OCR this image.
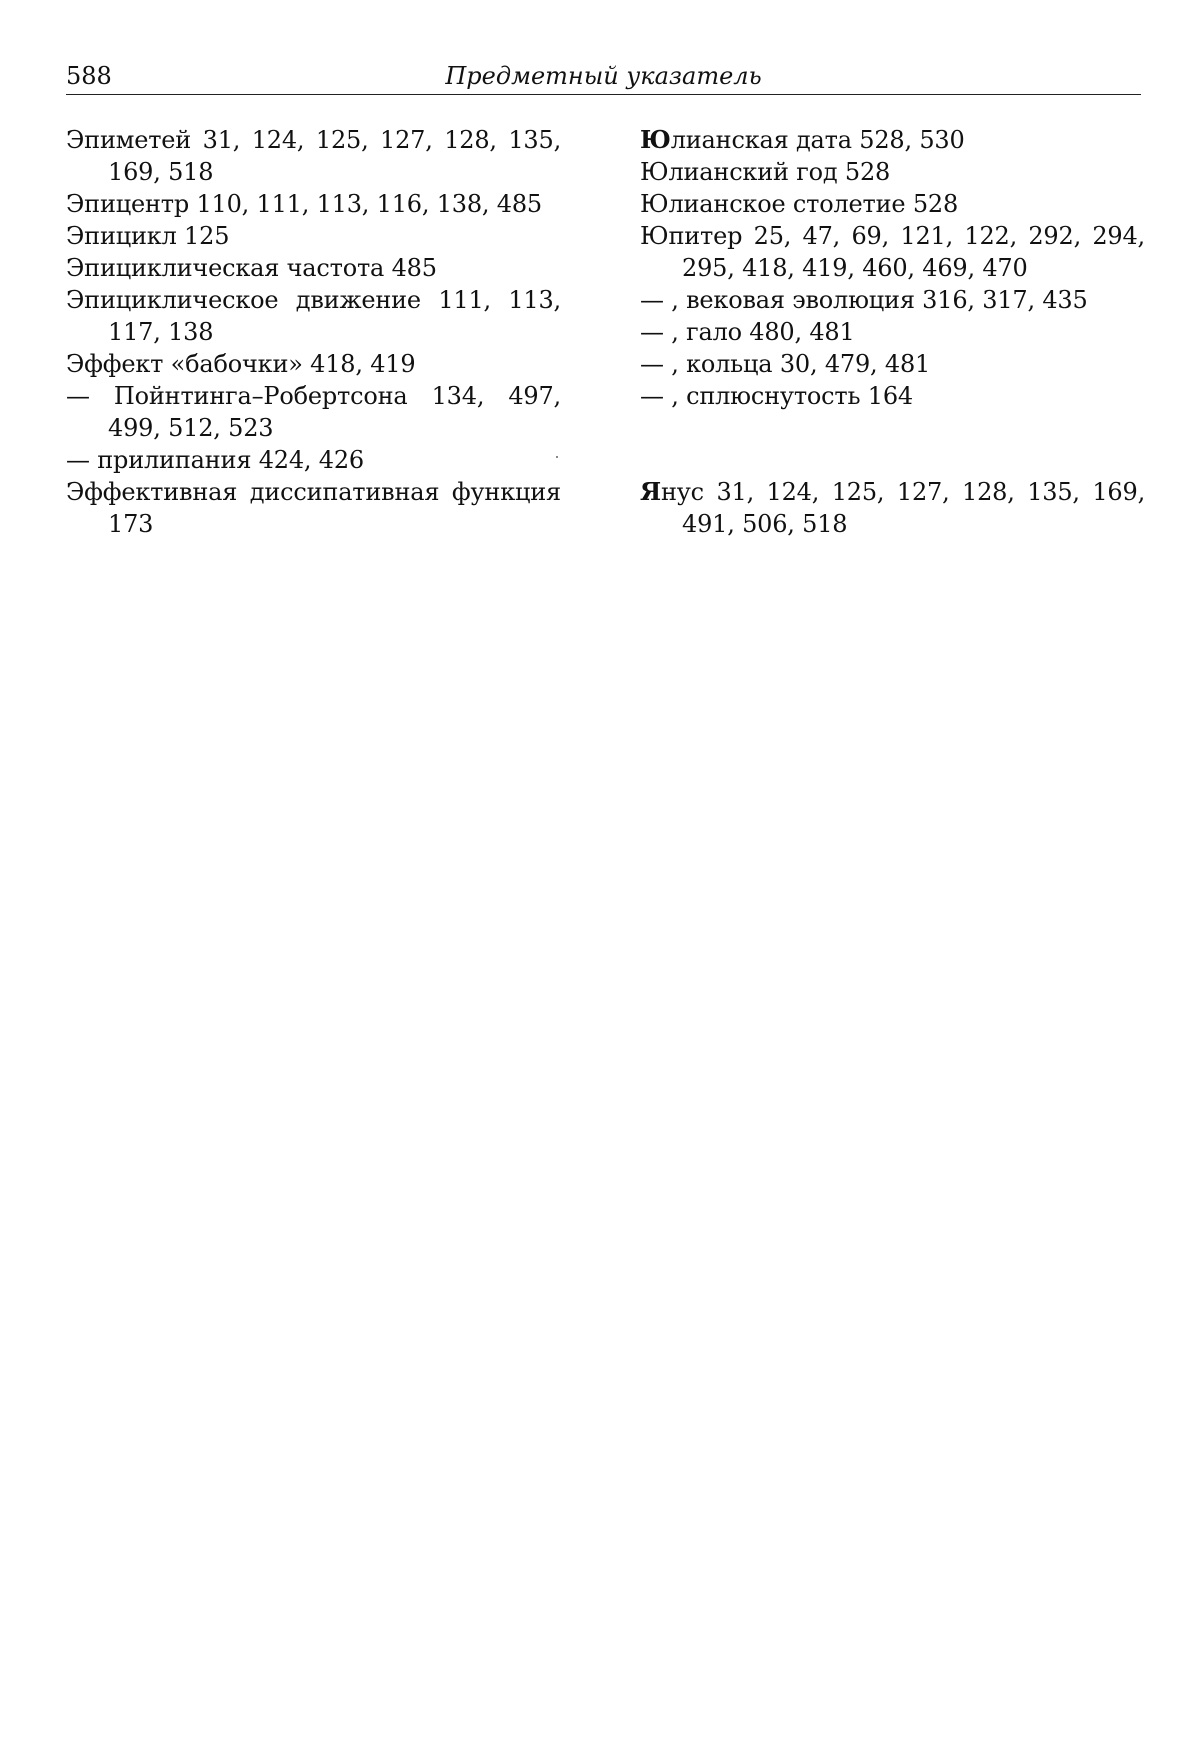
588	Предметный указатель
Эпиметей 31, 124, 125, 127, 128, 135, 169, 518
Эпицентр 110, 111, 113, 116, 138, 485
Эпицикл 125
Эпициклическая частота 485
Эпициклическое движение 111, 113, 117, 138
Эффект «бабочки» 418, 419
— Пойнтинга–Робертсона 134, 497, 499, 512, 523
— прилипания 424, 426
Эффективная диссипативная функция 173
Юлианская дата 528, 530
Юлианский год 528
Юлианское столетие 528
Юпитер 25, 47, 69, 121, 122, 292, 294, 295, 418, 419, 460, 469, 470
— , вековая эволюция 316, 317, 435
— , гало 480, 481
— , кольца 30, 479, 481
— , сплюснутость 164
Янус 31, 124, 125, 127, 128, 135, 169, 491, 506, 518
